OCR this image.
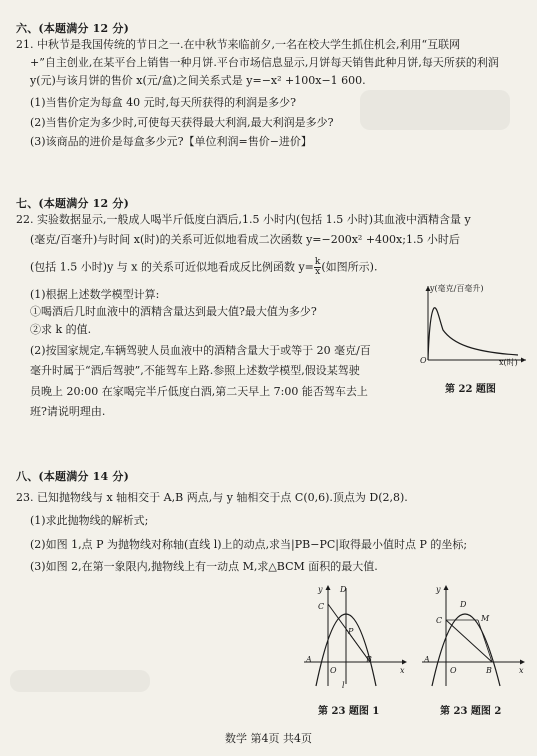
六、(本题满分 12 分)
21. 中秋节是我国传统的节日之一.在中秋节来临前夕,一名在校大学生抓住机会,利用“互联网
+”自主创业,在某平台上销售一种月饼.平台市场信息显示,月饼每天销售此种月饼,每天所获的利润
y(元)与该月饼的售价 x(元/盒)之间关系式是 y=−x² +100x−1 600.
(1)当售价定为每盒 40 元时,每天所获得的利润是多少?
(2)当售价定为多少时,可使每天获得最大利润,最大利润是多少?
(3)该商品的进价是每盒多少元?【单位利润=售价−进价】
七、(本题满分 12 分)
22. 实验数据显示,一般成人喝半斤低度白酒后,1.5 小时内(包括 1.5 小时)其血液中酒精含量 y
(毫克/百毫升)与时间 x(时)的关系可近似地看成二次函数 y=−200x² +400x;1.5 小时后
(包括 1.5 小时)y 与 x 的关系可近似地看成反比例函数 $y= \frac{k}{x}$ (如图所示).
(1)根据上述数学模型计算:
①喝酒后几时血液中的酒精含量达到最大值?最大值为多少?
②求 k 的值.
(2)按国家规定,车辆驾驶人员血液中的酒精含量大于或等于 20 毫克/百
毫升时属于“酒后驾驶”,不能驾车上路.参照上述数学模型,假设某驾驶
员晚上 20:00 在家喝完半斤低度白酒,第二天早上 7:00 能否驾车去上
班?请说明理由.
y(毫克/百毫升)
x(时)
O
第 22 题图
八、(本题满分 14 分)
23. 已知抛物线与 x 轴相交于 A,B 两点,与 y 轴相交于点 C(0,6).顶点为 D(2,8).
(1)求此抛物线的解析式;
(2)如图 1,点 P 为抛物线对称轴(直线 l)上的动点,求当|PB−PC|取得最小值时点 P 的坐标;
(3)如图 2,在第一象限内,抛物线上有一动点 M,求△BCM 面积的最大值.
y
C
D
P
A
O
B
x
l
第 23 题图 1
y
C
D
M
A
O	B	x
第 23 题图 2
数学 第4页 共4页
